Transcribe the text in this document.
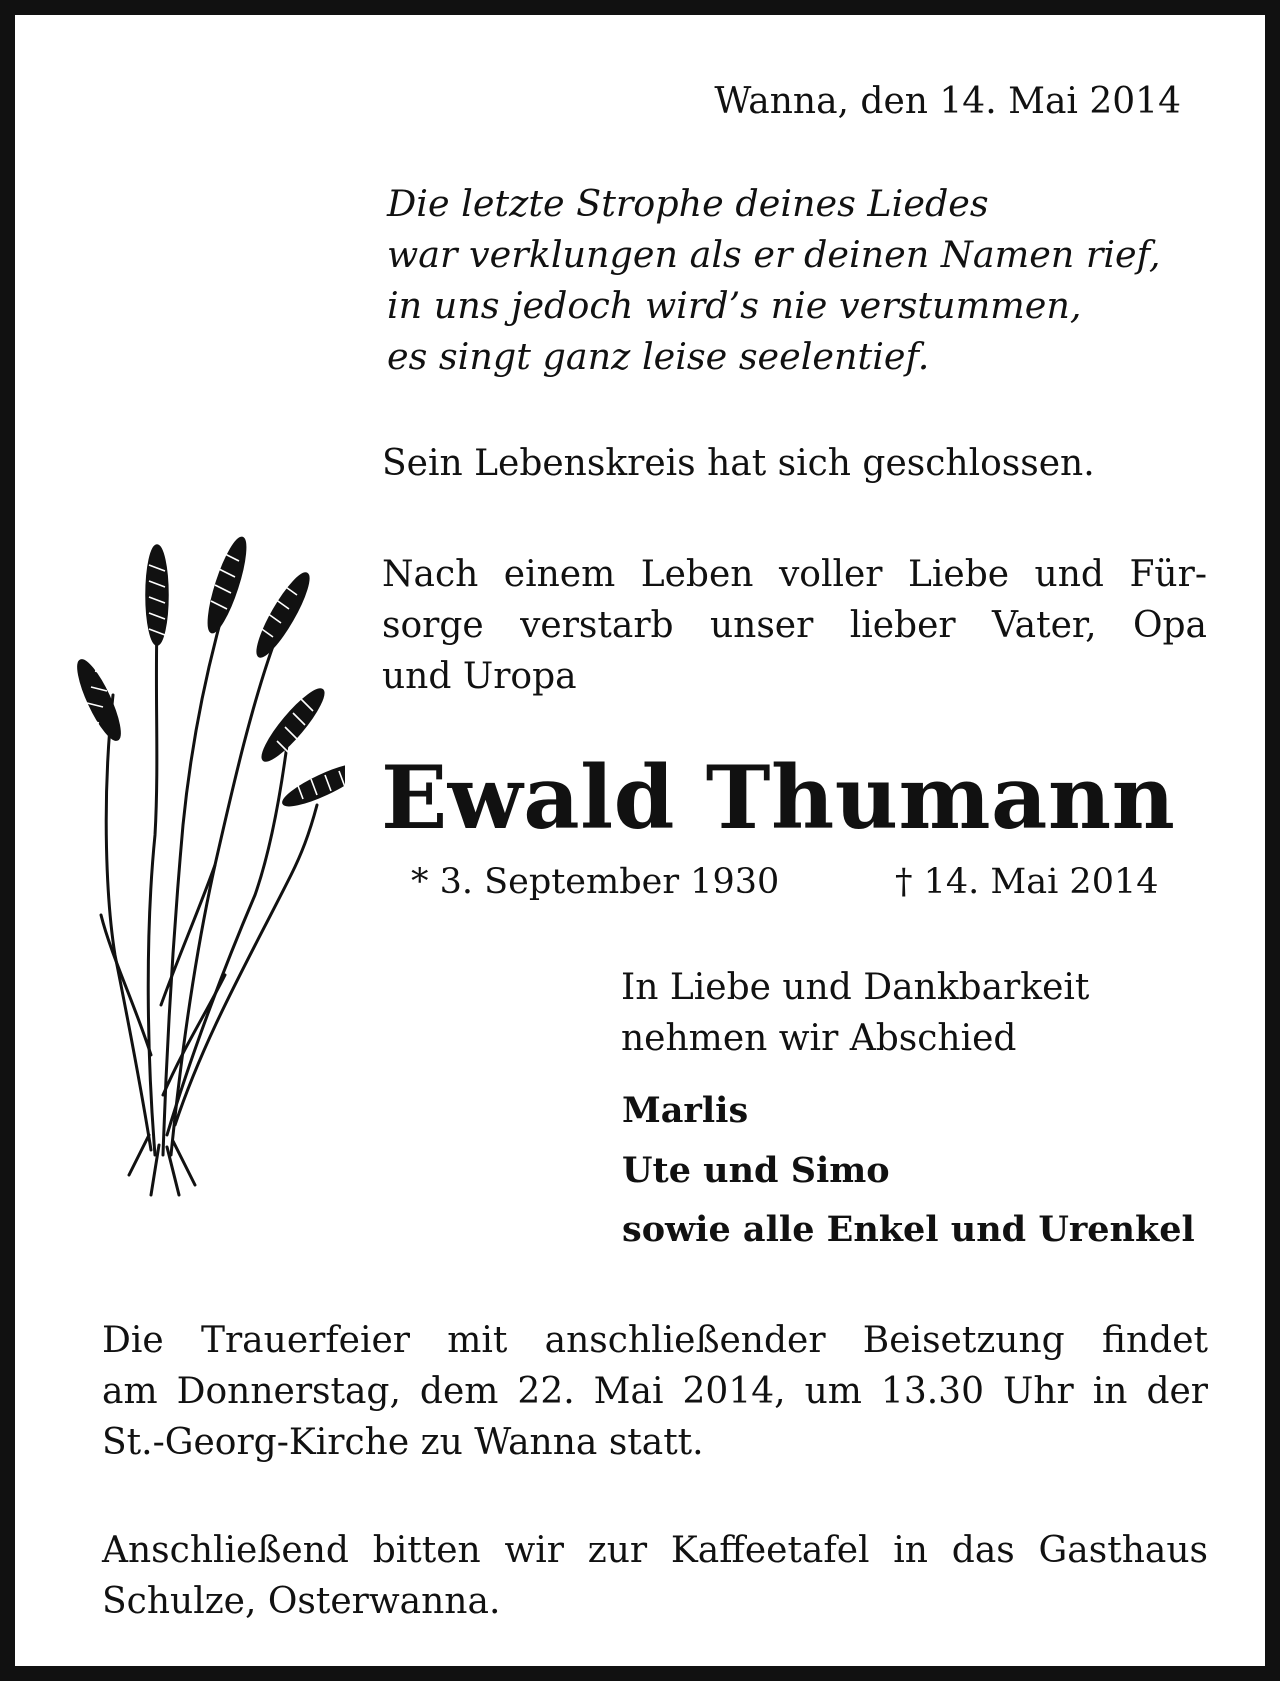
Wanna, den 14. Mai 2014

Die letzte Strophe deines Liedes
war verklungen als er deinen Namen rief,
in uns jedoch wird’s nie verstummen,
es singt ganz leise seelentief.

Sein Lebenskreis hat sich geschlossen.

Nach einem Leben voller Liebe und Für-
sorge verstarb unser lieber Vater, Opa
und Uropa

Ewald Thumann

* 3. September 1930	† 14. Mai 2014

In Liebe und Dankbarkeit
nehmen wir Abschied

Marlis

Ute und Simo

sowie alle Enkel und Urenkel

Die Trauerfeier mit anschließender Beisetzung findet
am Donnerstag, dem 22. Mai 2014, um 13.30 Uhr in der
St.-Georg-Kirche zu Wanna statt.
Anschließend bitten wir zur Kaffeetafel in das Gasthaus
Schulze, Osterwanna.
